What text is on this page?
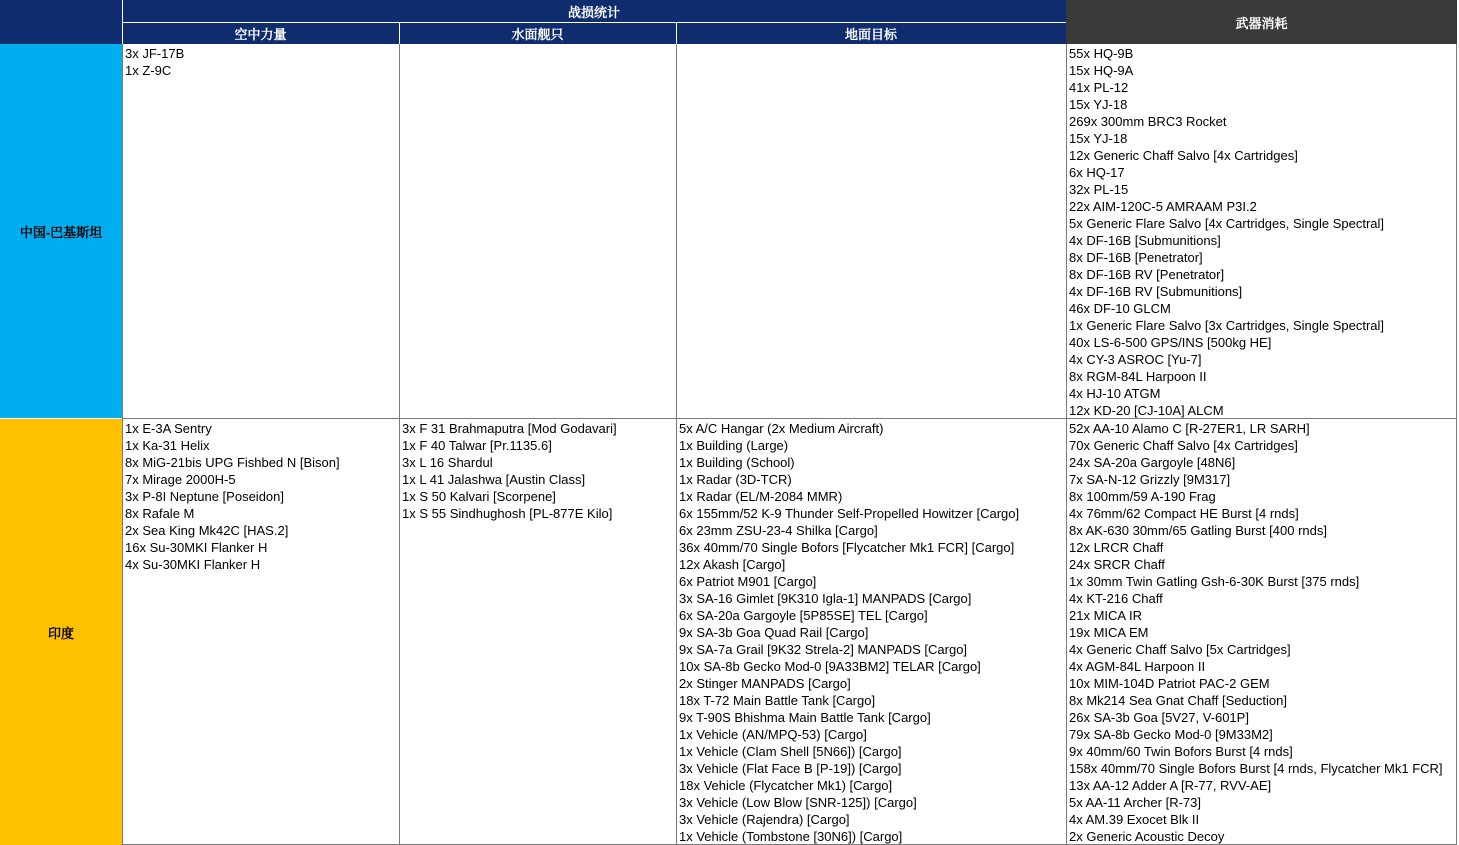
战损统计
空中力量	水面舰只	地面目标
武器消耗
中国-巴基斯坦
3x JF-17B
1x Z-9C
55x HQ-9B
15x HQ-9A
41x PL-12
15x YJ-18
269x 300mm BRC3 Rocket
15x YJ-18
12x Generic Chaff Salvo [4x Cartridges]
6x HQ-17
32x PL-15
22x AIM-120C-5 AMRAAM P3I.2
5x Generic Flare Salvo [4x Cartridges, Single Spectral]
4x DF-16B [Submunitions]
8x DF-16B [Penetrator]
8x DF-16B RV [Penetrator]
4x DF-16B RV [Submunitions]
46x DF-10 GLCM
1x Generic Flare Salvo [3x Cartridges, Single Spectral]
40x LS-6-500 GPS/INS [500kg HE]
4x CY-3 ASROC [Yu-7]
8x RGM-84L Harpoon II
4x HJ-10 ATGM
12x KD-20 [CJ-10A] ALCM
印度
1x E-3A Sentry
1x Ka-31 Helix
8x MiG-21bis UPG Fishbed N [Bison]
7x Mirage 2000H-5
3x P-8I Neptune [Poseidon]
8x Rafale M
2x Sea King Mk42C [HAS.2]
16x Su-30MKI Flanker H
4x Su-30MKI Flanker H
3x F 31 Brahmaputra [Mod Godavari]
1x F 40 Talwar [Pr.1135.6]
3x L 16 Shardul
1x L 41 Jalashwa [Austin Class]
1x S 50 Kalvari [Scorpene]
1x S 55 Sindhughosh [PL-877E Kilo]
5x A/C Hangar (2x Medium Aircraft)
1x Building (Large)
1x Building (School)
1x Radar (3D-TCR)
1x Radar (EL/M-2084 MMR)
6x 155mm/52 K-9 Thunder Self-Propelled Howitzer [Cargo]
6x 23mm ZSU-23-4 Shilka [Cargo]
36x 40mm/70 Single Bofors [Flycatcher Mk1 FCR] [Cargo]
12x Akash [Cargo]
6x Patriot M901 [Cargo]
3x SA-16 Gimlet [9K310 Igla-1] MANPADS [Cargo]
6x SA-20a Gargoyle [5P85SE] TEL [Cargo]
9x SA-3b Goa Quad Rail [Cargo]
9x SA-7a Grail [9K32 Strela-2] MANPADS [Cargo]
10x SA-8b Gecko Mod-0 [9A33BM2] TELAR [Cargo]
2x Stinger MANPADS [Cargo]
18x T-72 Main Battle Tank [Cargo]
9x T-90S Bhishma Main Battle Tank [Cargo]
1x Vehicle (AN/MPQ-53) [Cargo]
1x Vehicle (Clam Shell [5N66]) [Cargo]
3x Vehicle (Flat Face B [P-19]) [Cargo]
18x Vehicle (Flycatcher Mk1) [Cargo]
3x Vehicle (Low Blow [SNR-125]) [Cargo]
3x Vehicle (Rajendra) [Cargo]
1x Vehicle (Tombstone [30N6]) [Cargo]
52x AA-10 Alamo C [R-27ER1, LR SARH]
70x Generic Chaff Salvo [4x Cartridges]
24x SA-20a Gargoyle [48N6]
7x SA-N-12 Grizzly [9M317]
8x 100mm/59 A-190 Frag
4x 76mm/62 Compact HE Burst [4 rnds]
8x AK-630 30mm/65 Gatling Burst [400 rnds]
12x LRCR Chaff
24x SRCR Chaff
1x 30mm Twin Gatling Gsh-6-30K Burst [375 rnds]
4x KT-216 Chaff
21x MICA IR
19x MICA EM
4x Generic Chaff Salvo [5x Cartridges]
4x AGM-84L Harpoon II
10x MIM-104D Patriot PAC-2 GEM
8x Mk214 Sea Gnat Chaff [Seduction]
26x SA-3b Goa [5V27, V-601P]
79x SA-8b Gecko Mod-0 [9M33M2]
9x 40mm/60 Twin Bofors Burst [4 rnds]
158x 40mm/70 Single Bofors Burst [4 rnds, Flycatcher Mk1 FCR]
13x AA-12 Adder A [R-77, RVV-AE]
5x AA-11 Archer [R-73]
4x AM.39 Exocet Blk II
2x Generic Acoustic Decoy
